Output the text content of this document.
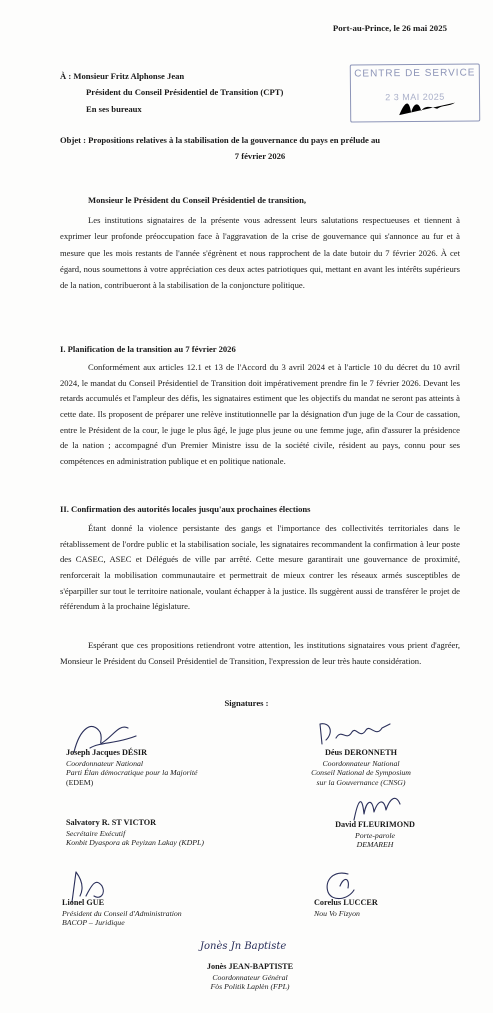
Port-au-Prince, le 26 mai 2025
À : Monsieur Fritz Alphonse Jean
Président du Conseil Présidentiel de Transition (CPT)
En ses bureaux
CENTRE DE SERVICE
2 3 MAI 2025
Objet : Propositions relatives à la stabilisation de la gouvernance du pays en prélude au
7 février 2026
Monsieur le Président du Conseil Présidentiel de transition,
Les institutions signataires de la présente vous adressent leurs salutations respectueuses et tiennent à exprimer leur profonde préoccupation face à l'aggravation de la crise de gouvernance qui s'annonce au fur et à mesure que les mois restants de l'année s'égrènent et nous rapprochent de la date butoir du 7 février 2026. À cet égard, nous soumettons à votre appréciation ces deux actes patriotiques qui, mettant en avant les intérêts supérieurs de la nation, contribueront à la stabilisation de la conjoncture politique.
I. Planification de la transition au 7 février 2026
Conformément aux articles 12.1 et 13 de l'Accord du 3 avril 2024 et à l'article 10 du décret du 10 avril 2024, le mandat du Conseil Présidentiel de Transition doit impérativement prendre fin le 7 février 2026. Devant les retards accumulés et l'ampleur des défis, les signataires estiment que les objectifs du mandat ne seront pas atteints à cette date. Ils proposent de préparer une relève institutionnelle par la désignation d'un juge de la Cour de cassation, entre le Président de la cour, le juge le plus âgé, le juge plus jeune ou une femme juge, afin d'assurer la présidence de la nation ; accompagné d'un Premier Ministre issu de la société civile, résident au pays, connu pour ses compétences en administration publique et en politique nationale.
II. Confirmation des autorités locales jusqu'aux prochaines élections
Étant donné la violence persistante des gangs et l'importance des collectivités territoriales dans le rétablissement de l'ordre public et la stabilisation sociale, les signataires recommandent la confirmation à leur poste des CASEC, ASEC et Délégués de ville par arrêté. Cette mesure garantirait une gouvernance de proximité, renforcerait la mobilisation communautaire et permettrait de mieux contrer les réseaux armés susceptibles de s'éparpiller sur tout le territoire nationale, voulant échapper à la justice. Ils suggèrent aussi de transférer le projet de référendum à la prochaine législature.
Espérant que ces propositions retiendront votre attention, les institutions signataires vous prient d'agréer, Monsieur le Président du Conseil Présidentiel de Transition, l'expression de leur très haute considération.
Signatures :
Joseph Jacques DÉSIR
Coordonnateur National
Parti Élan démocratique pour la Majorité
(EDEM)
Déus DERONNETH
Coordonnateur National
Conseil National de Symposium
sur la Gouvernance (CNSG)
Salvatory R. ST VICTOR
Secrétaire Exécutif
Konbit Dyaspora ak Peyizan Lakay (KDPL)
David FLEURIMOND
Porte-parole
DEMAREH
Lionel GUE
Président du Conseil d'Administration
BACOP – Juridique
Corelus LUCCER
Nou Vo Fizyon
Jonès Jn Baptiste
Jonès JEAN-BAPTISTE
Coordonnateur Général
Fòs Politik Laplèn (FPL)
